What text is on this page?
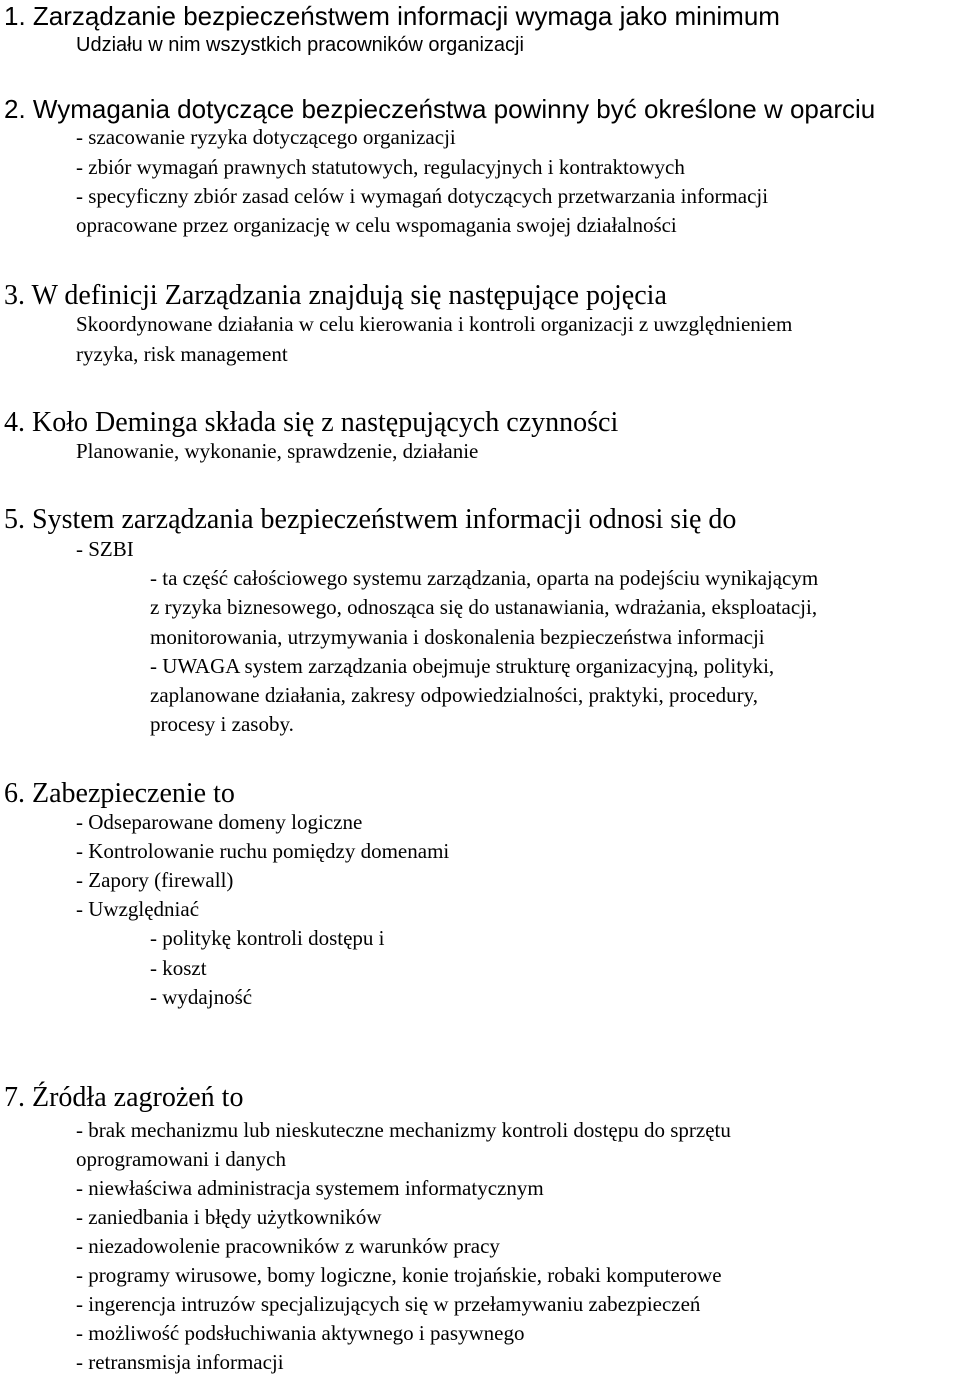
1. Zarządzanie bezpieczeństwem informacji wymaga jako minimum
Udziału w nim wszystkich pracowników organizacji
2. Wymagania dotyczące bezpieczeństwa powinny być określone w oparciu
- szacowanie ryzyka dotyczącego organizacji
- zbiór wymagań prawnych statutowych, regulacyjnych i kontraktowych
- specyficzny zbiór zasad celów i wymagań dotyczących przetwarzania informacji
opracowane przez organizację w celu wspomagania swojej działalności
3. W definicji Zarządzania znajdują się następujące pojęcia
Skoordynowane działania w celu kierowania i kontroli organizacji z uwzględnieniem
ryzyka, risk management
4. Koło Deminga składa się z następujących czynności
Planowanie, wykonanie, sprawdzenie, działanie
5. System zarządzania bezpieczeństwem informacji odnosi się do
- SZBI
- ta część całościowego systemu zarządzania, oparta na podejściu wynikającym
z ryzyka biznesowego, odnosząca się do ustanawiania, wdrażania, eksploatacji,
monitorowania, utrzymywania i doskonalenia bezpieczeństwa informacji
- UWAGA system zarządzania obejmuje strukturę organizacyjną, polityki,
zaplanowane działania, zakresy odpowiedzialności, praktyki, procedury,
procesy i zasoby.
6. Zabezpieczenie to
- Odseparowane domeny logiczne
- Kontrolowanie ruchu pomiędzy domenami
- Zapory (firewall)
- Uwzględniać
- politykę kontroli dostępu i
- koszt
- wydajność
7. Źródła zagrożeń to
- brak mechanizmu lub nieskuteczne mechanizmy kontroli dostępu do sprzętu
oprogramowani i danych
- niewłaściwa administracja systemem informatycznym
- zaniedbania i błędy użytkowników
- niezadowolenie pracowników z warunków pracy
- programy wirusowe, bomy logiczne, konie trojańskie, robaki komputerowe
- ingerencja intruzów specjalizujących się w przełamywaniu zabezpieczeń
- możliwość podsłuchiwania aktywnego i pasywnego
- retransmisja informacji
